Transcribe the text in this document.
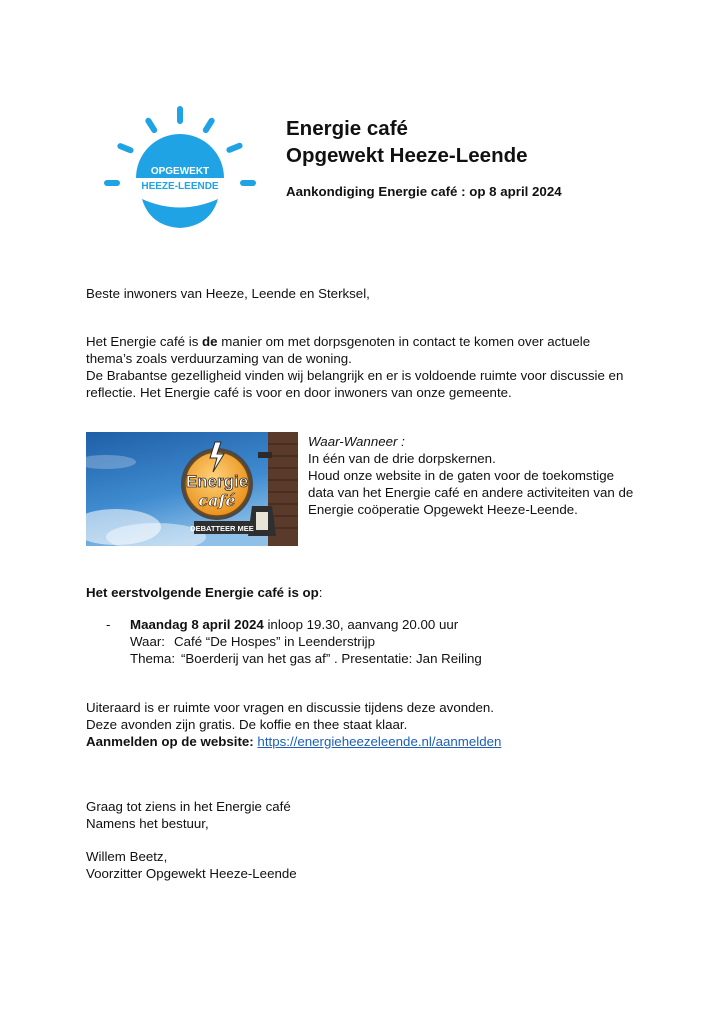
OPGEWEKT
HEEZE-LEENDE
Energie café
Opgewekt Heeze-Leende

Aankondiging Energie café : op 8 april 2024

Beste inwoners van Heeze, Leende en Sterksel,

Het Energie café is de manier om met dorpsgenoten in contact te komen over actuele

thema’s zoals verduurzaming van de woning.

De Brabantse gezelligheid vinden wij belangrijk en er is voldoende ruimte voor discussie en

reflectie. Het Energie café is voor en door inwoners van onze gemeente.

Energie
café
DEBATTEER MEE

Waar-Wanneer :

In één van de drie dorpskernen.

Houd onze website in de gaten voor de toekomstige

data van het Energie café en andere activiteiten van de

Energie coöperatie Opgewekt Heeze-Leende.

Het eerstvolgende Energie café is op:

- Maandag 8 april 2024 inloop 19.30, aanvang 20.00 uur

Waar: Café “De Hospes” in Leenderstrijp

Thema: “Boerderij van het gas af” . Presentatie: Jan Reiling

Uiteraard is er ruimte voor vragen en discussie tijdens deze avonden.

Deze avonden zijn gratis. De koffie en thee staat klaar.

Aanmelden op de website: https://energieheezeleende.nl/aanmelden

Graag tot ziens in het Energie café

Namens het bestuur,

Willem Beetz,

Voorzitter Opgewekt Heeze-Leende
